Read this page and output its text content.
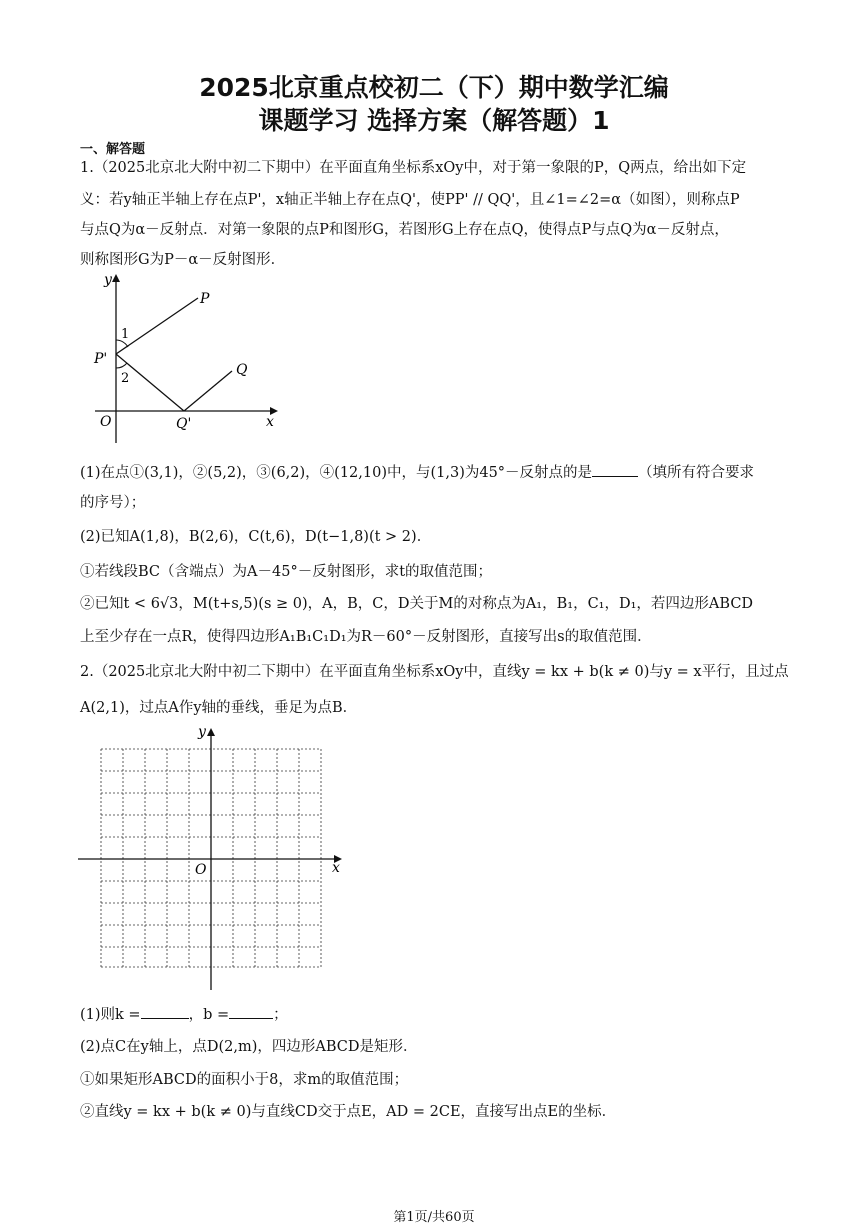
2025北京重点校初二（下）期中数学汇编
课题学习 选择方案（解答题）1
一、解答题
1.（2025北京北大附中初二下期中）在平面直角坐标系xOy中，对于第一象限的P，Q两点，给出如下定
义：若y轴正半轴上存在点P'，x轴正半轴上存在点Q'，使PP' // QQ'，且∠1=∠2=α（如图），则称点P
与点Q为α－反射点．对第一象限的点P和图形G，若图形G上存在点Q，使得点P与点Q为α－反射点，
则称图形G为P－α－反射图形．
y
x
O
P
P'
Q
Q'
1
2
(1)在点①(3,1)，②(5,2)，③(6,2)，④(12,10)中，与(1,3)为45°－反射点的是	（填所有符合要求
的序号）；
(2)已知A(1,8)，B(2,6)，C(t,6)，D(t−1,8)(t > 2)．
①若线段BC（含端点）为A－45°－反射图形，求t的取值范围；
②已知t < 6√3，M(t+s,5)(s ≥ 0)，A，B，C，D关于M的对称点为A₁，B₁，C₁，D₁，若四边形ABCD
上至少存在一点R，使得四边形A₁B₁C₁D₁为R－60°－反射图形，直接写出s的取值范围．
2.（2025北京北大附中初二下期中）在平面直角坐标系xOy中，直线y = kx + b(k ≠ 0)与y = x平行，且过点
A(2,1)，过点A作y轴的垂线，垂足为点B．
y
x
O
(1)则k =	，b =	；
(2)点C在y轴上，点D(2,m)，四边形ABCD是矩形．
①如果矩形ABCD的面积小于8，求m的取值范围；
②直线y = kx + b(k ≠ 0)与直线CD交于点E，AD = 2CE，直接写出点E的坐标．
第1页/共60页
